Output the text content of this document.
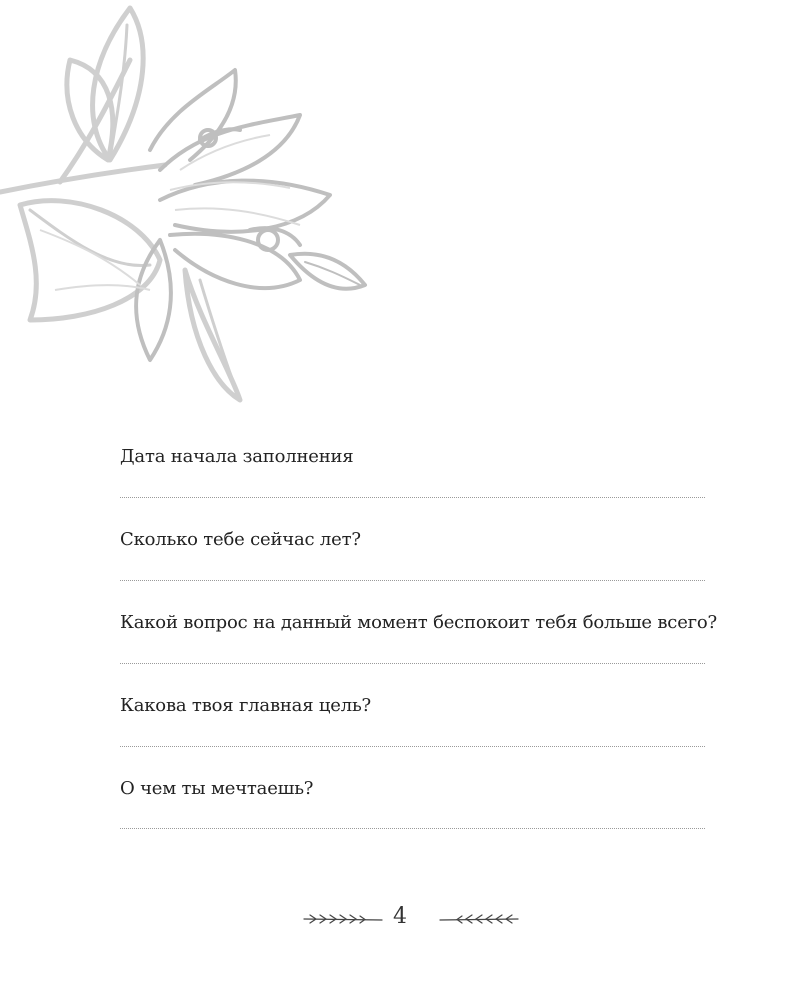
Дата начала заполнения
Сколько тебе сейчас лет?
Какой вопрос на данный момент беспокоит тебя больше всего?
Какова твоя главная цель?
О чем ты мечтаешь?
4
